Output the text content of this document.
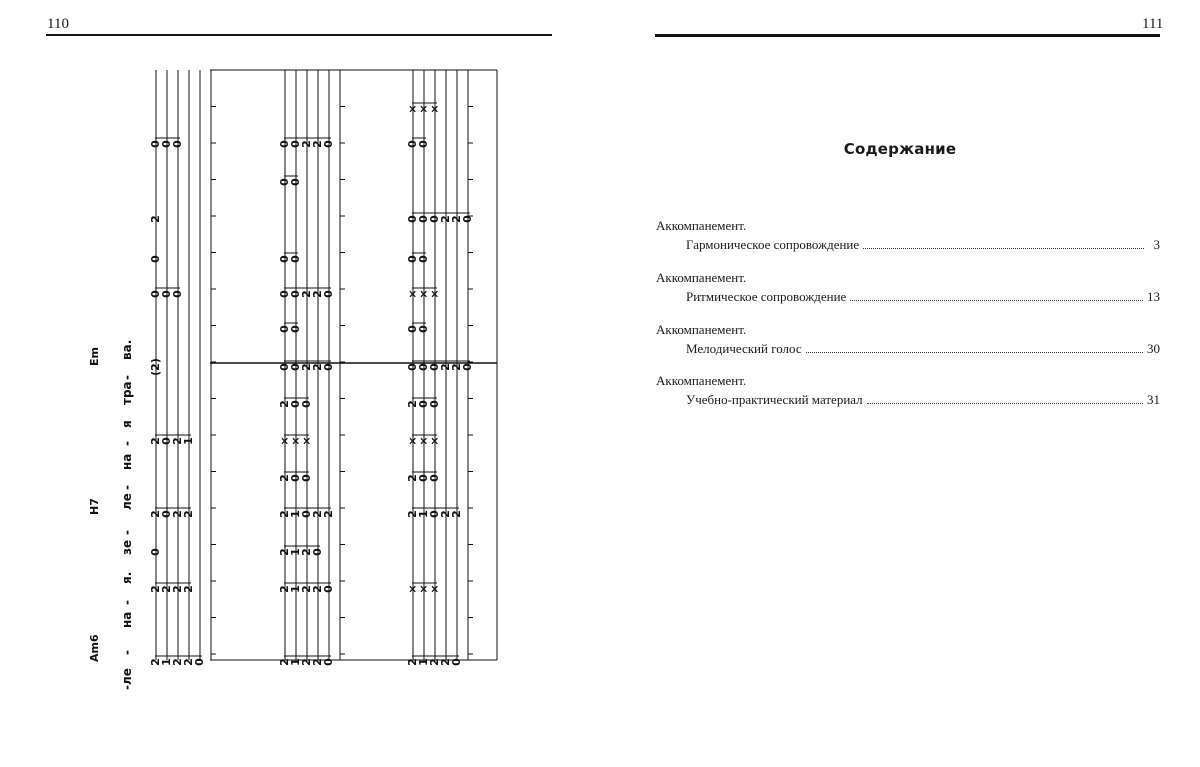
110
0
0
0
2
0
0
0
0
(2)
2
0
2
1
2
0
2
2
0
2
2
2
2
2
1
2
2
0
0
0
2
2
0
0
0
0
0
0
0
2
2
0
0
0
0
0
2
2
0
2
0
0
×
×
×
2
0
0
2
1
0
2
2
2
1
2
0
2
1
2
2
0
2
1
2
2
0
×
×
×
0
0
0
0
0
2
2
0
0
0
×
×
×
0
0
0
0
0
2
2
0
2
0
0
×
×
×
2
0
0
2
1
0
2
2
×
×
×
2
1
2
2
0
Am6
H7
Em
-ле
-
на
-
я.
зе
-
ле
-
на
-
я
тра
-
ва.
111
Содержание
Аккомпанемент.
Гармоническое сопровождение	3
Аккомпанемент.
Ритмическое сопровождение	13
Аккомпанемент.
Мелодический голос	30
Аккомпанемент.
Учебно-практический материал	31
